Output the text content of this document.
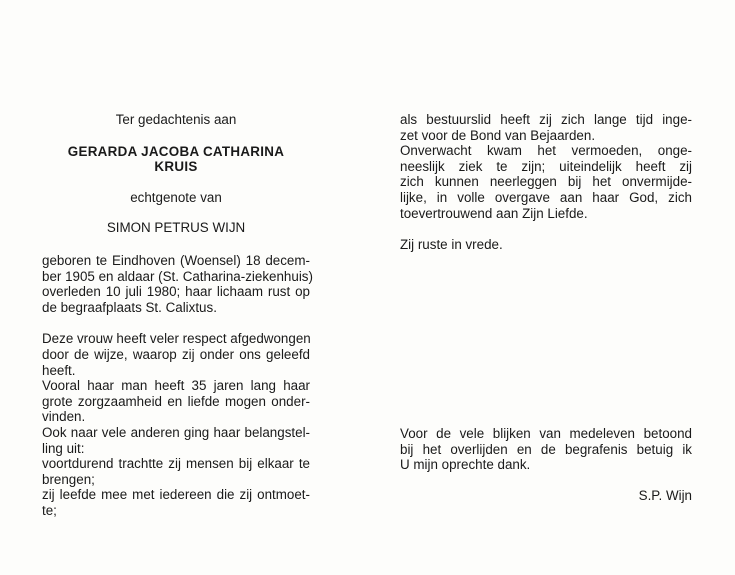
Ter gedachtenis aan
GERARDA JACOBA CATHARINA
KRUIS
echtgenote van
SIMON PETRUS WIJN
geboren te Eindhoven (Woensel) 18 decem-
ber 1905 en aldaar (St. Catharina-ziekenhuis)
overleden 10 juli 1980; haar lichaam rust op
de begraafplaats St. Calixtus.
Deze vrouw heeft veler respect afgedwongen
door de wijze, waarop zij onder ons geleefd
heeft.
Vooral haar man heeft 35 jaren lang haar
grote zorgzaamheid en liefde mogen onder-
vinden.
Ook naar vele anderen ging haar belangstel-
ling uit:
voortdurend trachtte zij mensen bij elkaar te
brengen;
zij leefde mee met iedereen die zij ontmoet-
te;
als bestuurslid heeft zij zich lange tijd inge-
zet voor de Bond van Bejaarden.
Onverwacht kwam het vermoeden, onge-
neeslijk ziek te zijn; uiteindelijk heeft zij
zich kunnen neerleggen bij het onvermijde-
lijke, in volle overgave aan haar God, zich
toevertrouwend aan Zijn Liefde.
Zij ruste in vrede.
Voor de vele blijken van medeleven betoond
bij het overlijden en de begrafenis betuig ik
U mijn oprechte dank.
S.P. Wijn
